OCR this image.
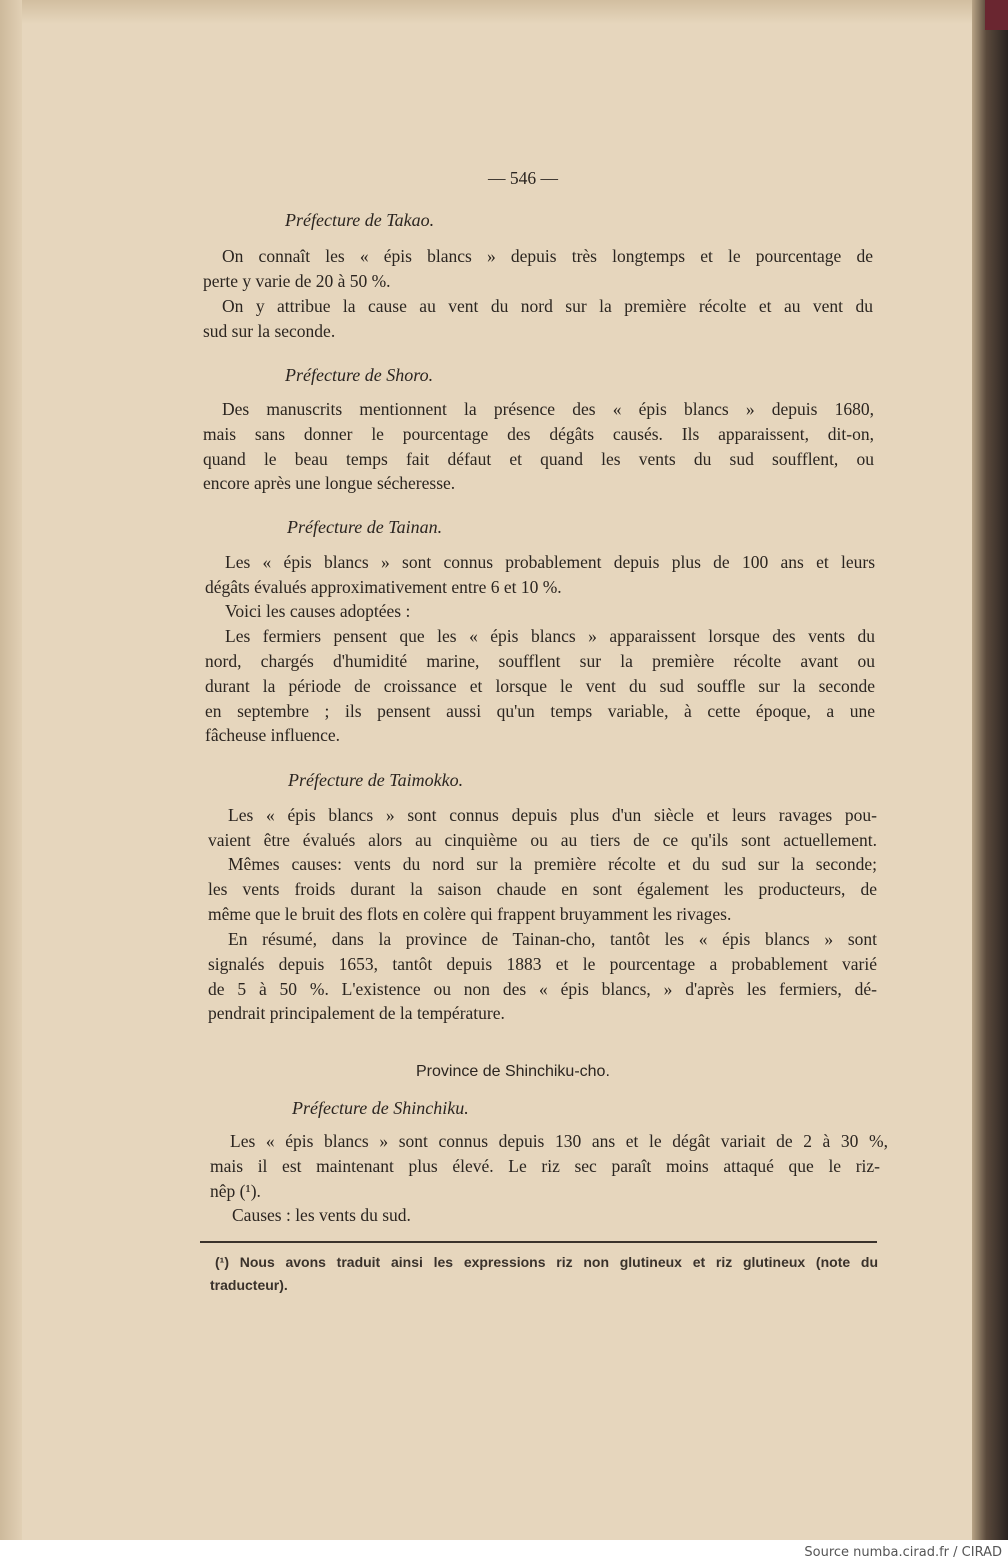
— 546 —
Préfecture de Takao.
On connaît les « épis blancs » depuis très longtemps et le pourcentage de
perte y varie de 20 à 50 %.
On y attribue la cause au vent du nord sur la première récolte et au vent du
sud sur la seconde.
Préfecture de Shoro.
Des manuscrits mentionnent la présence des « épis blancs » depuis 1680,
mais sans donner le pourcentage des dégâts causés. Ils apparaissent, dit-on,
quand le beau temps fait défaut et quand les vents du sud soufflent, ou
encore après une longue sécheresse.
Préfecture de Tainan.
Les « épis blancs » sont connus probablement depuis plus de 100 ans et leurs
dégâts évalués approximativement entre 6 et 10 %.
Voici les causes adoptées :
Les fermiers pensent que les « épis blancs » apparaissent lorsque des vents du
nord, chargés d'humidité marine, soufflent sur la première récolte avant ou
durant la période de croissance et lorsque le vent du sud souffle sur la seconde
en septembre ; ils pensent aussi qu'un temps variable, à cette époque, a une
fâcheuse influence.
Préfecture de Taimokko.
Les « épis blancs » sont connus depuis plus d'un siècle et leurs ravages pou-
vaient être évalués alors au cinquième ou au tiers de ce qu'ils sont actuellement.
Mêmes causes: vents du nord sur la première récolte et du sud sur la seconde;
les vents froids durant la saison chaude en sont également les producteurs, de
même que le bruit des flots en colère qui frappent bruyamment les rivages.
En résumé, dans la province de Tainan-cho, tantôt les « épis blancs » sont
signalés depuis 1653, tantôt depuis 1883 et le pourcentage a probablement varié
de 5 à 50 %. L'existence ou non des « épis blancs, » d'après les fermiers, dé-
pendrait principalement de la température.
Province de Shinchiku-cho.
Préfecture de Shinchiku.
Les « épis blancs » sont connus depuis 130 ans et le dégât variait de 2 à 30 %,
mais il est maintenant plus élevé. Le riz sec paraît moins attaqué que le riz-
nêp (¹).
Causes : les vents du sud.
(¹) Nous avons traduit ainsi les expressions riz non glutineux et riz glutineux (note du
traducteur).
Source numba.cirad.fr / CIRAD
